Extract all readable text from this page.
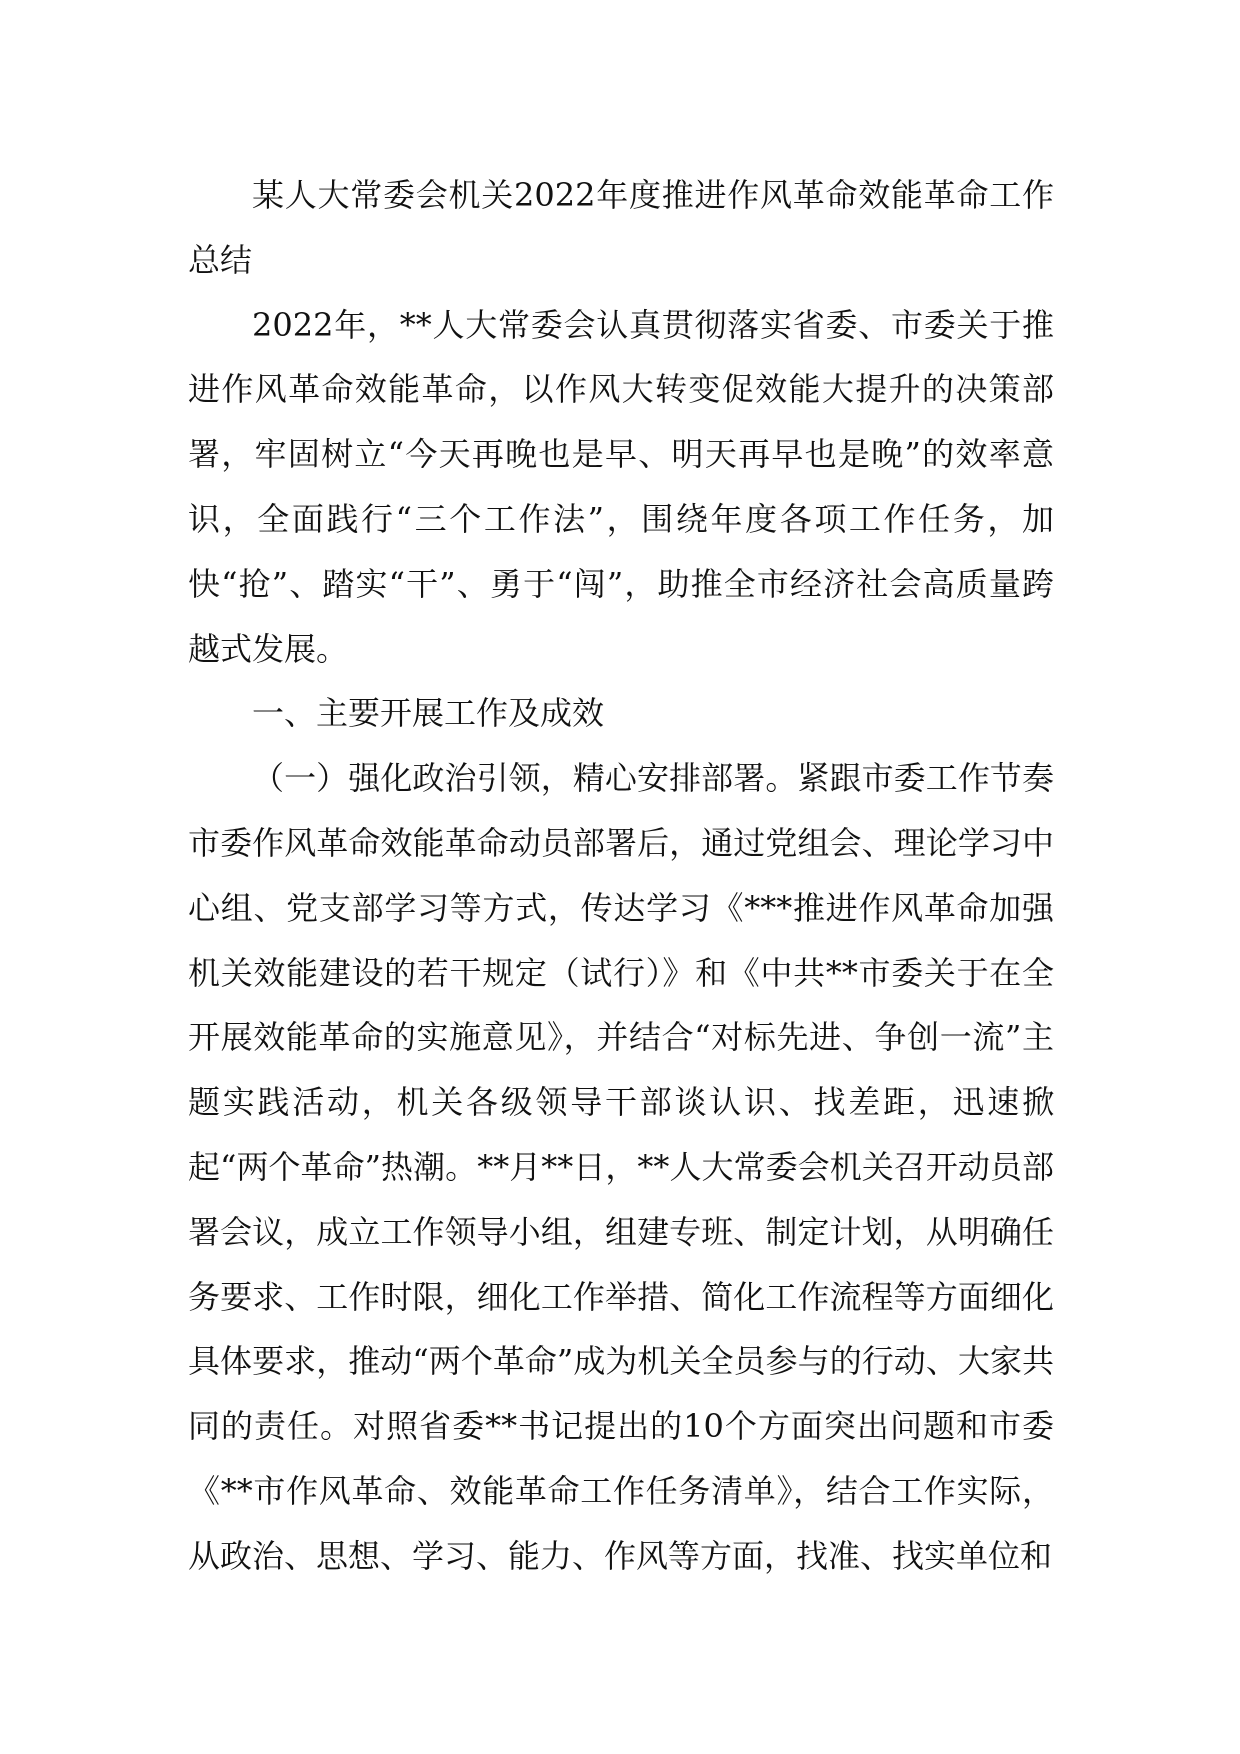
某人大常委会机关2022年度推进作风革命效能革命工作总结

2022年，**人大常委会认真贯彻落实省委、市委关于推进作风革命效能革命，以作风大转变促效能大提升的决策部署，牢固树立“今天再晚也是早、明天再早也是晚”的效率意识，全面践行“三个工作法”，围绕年度各项工作任务，加快“抢”、踏实“干”、勇于“闯”，助推全市经济社会高质量跨越式发展。

一、主要开展工作及成效

（一）强化政治引领，精心安排部署。紧跟市委工作节奏市委作风革命效能革命动员部署后，通过党组会、理论学习中心组、党支部学习等方式，传达学习《***推进作风革命加强机关效能建设的若干规定（试行）》和《中共**市委关于在全开展效能革命的实施意见》，并结合“对标先进、争创一流”主题实践活动，机关各级领导干部谈认识、找差距，迅速掀起“两个革命”热潮。**月**日，**人大常委会机关召开动员部署会议，成立工作领导小组，组建专班、制定计划，从明确任务要求、工作时限，细化工作举措、简化工作流程等方面细化具体要求，推动“两个革命”成为机关全员参与的行动、大家共同的责任。对照省委**书记提出的10个方面突出问题和市委《**市作风革命、效能革命工作任务清单》，结合工作实际，从政治、思想、学习、能力、作风等方面，找准、找实单位和
